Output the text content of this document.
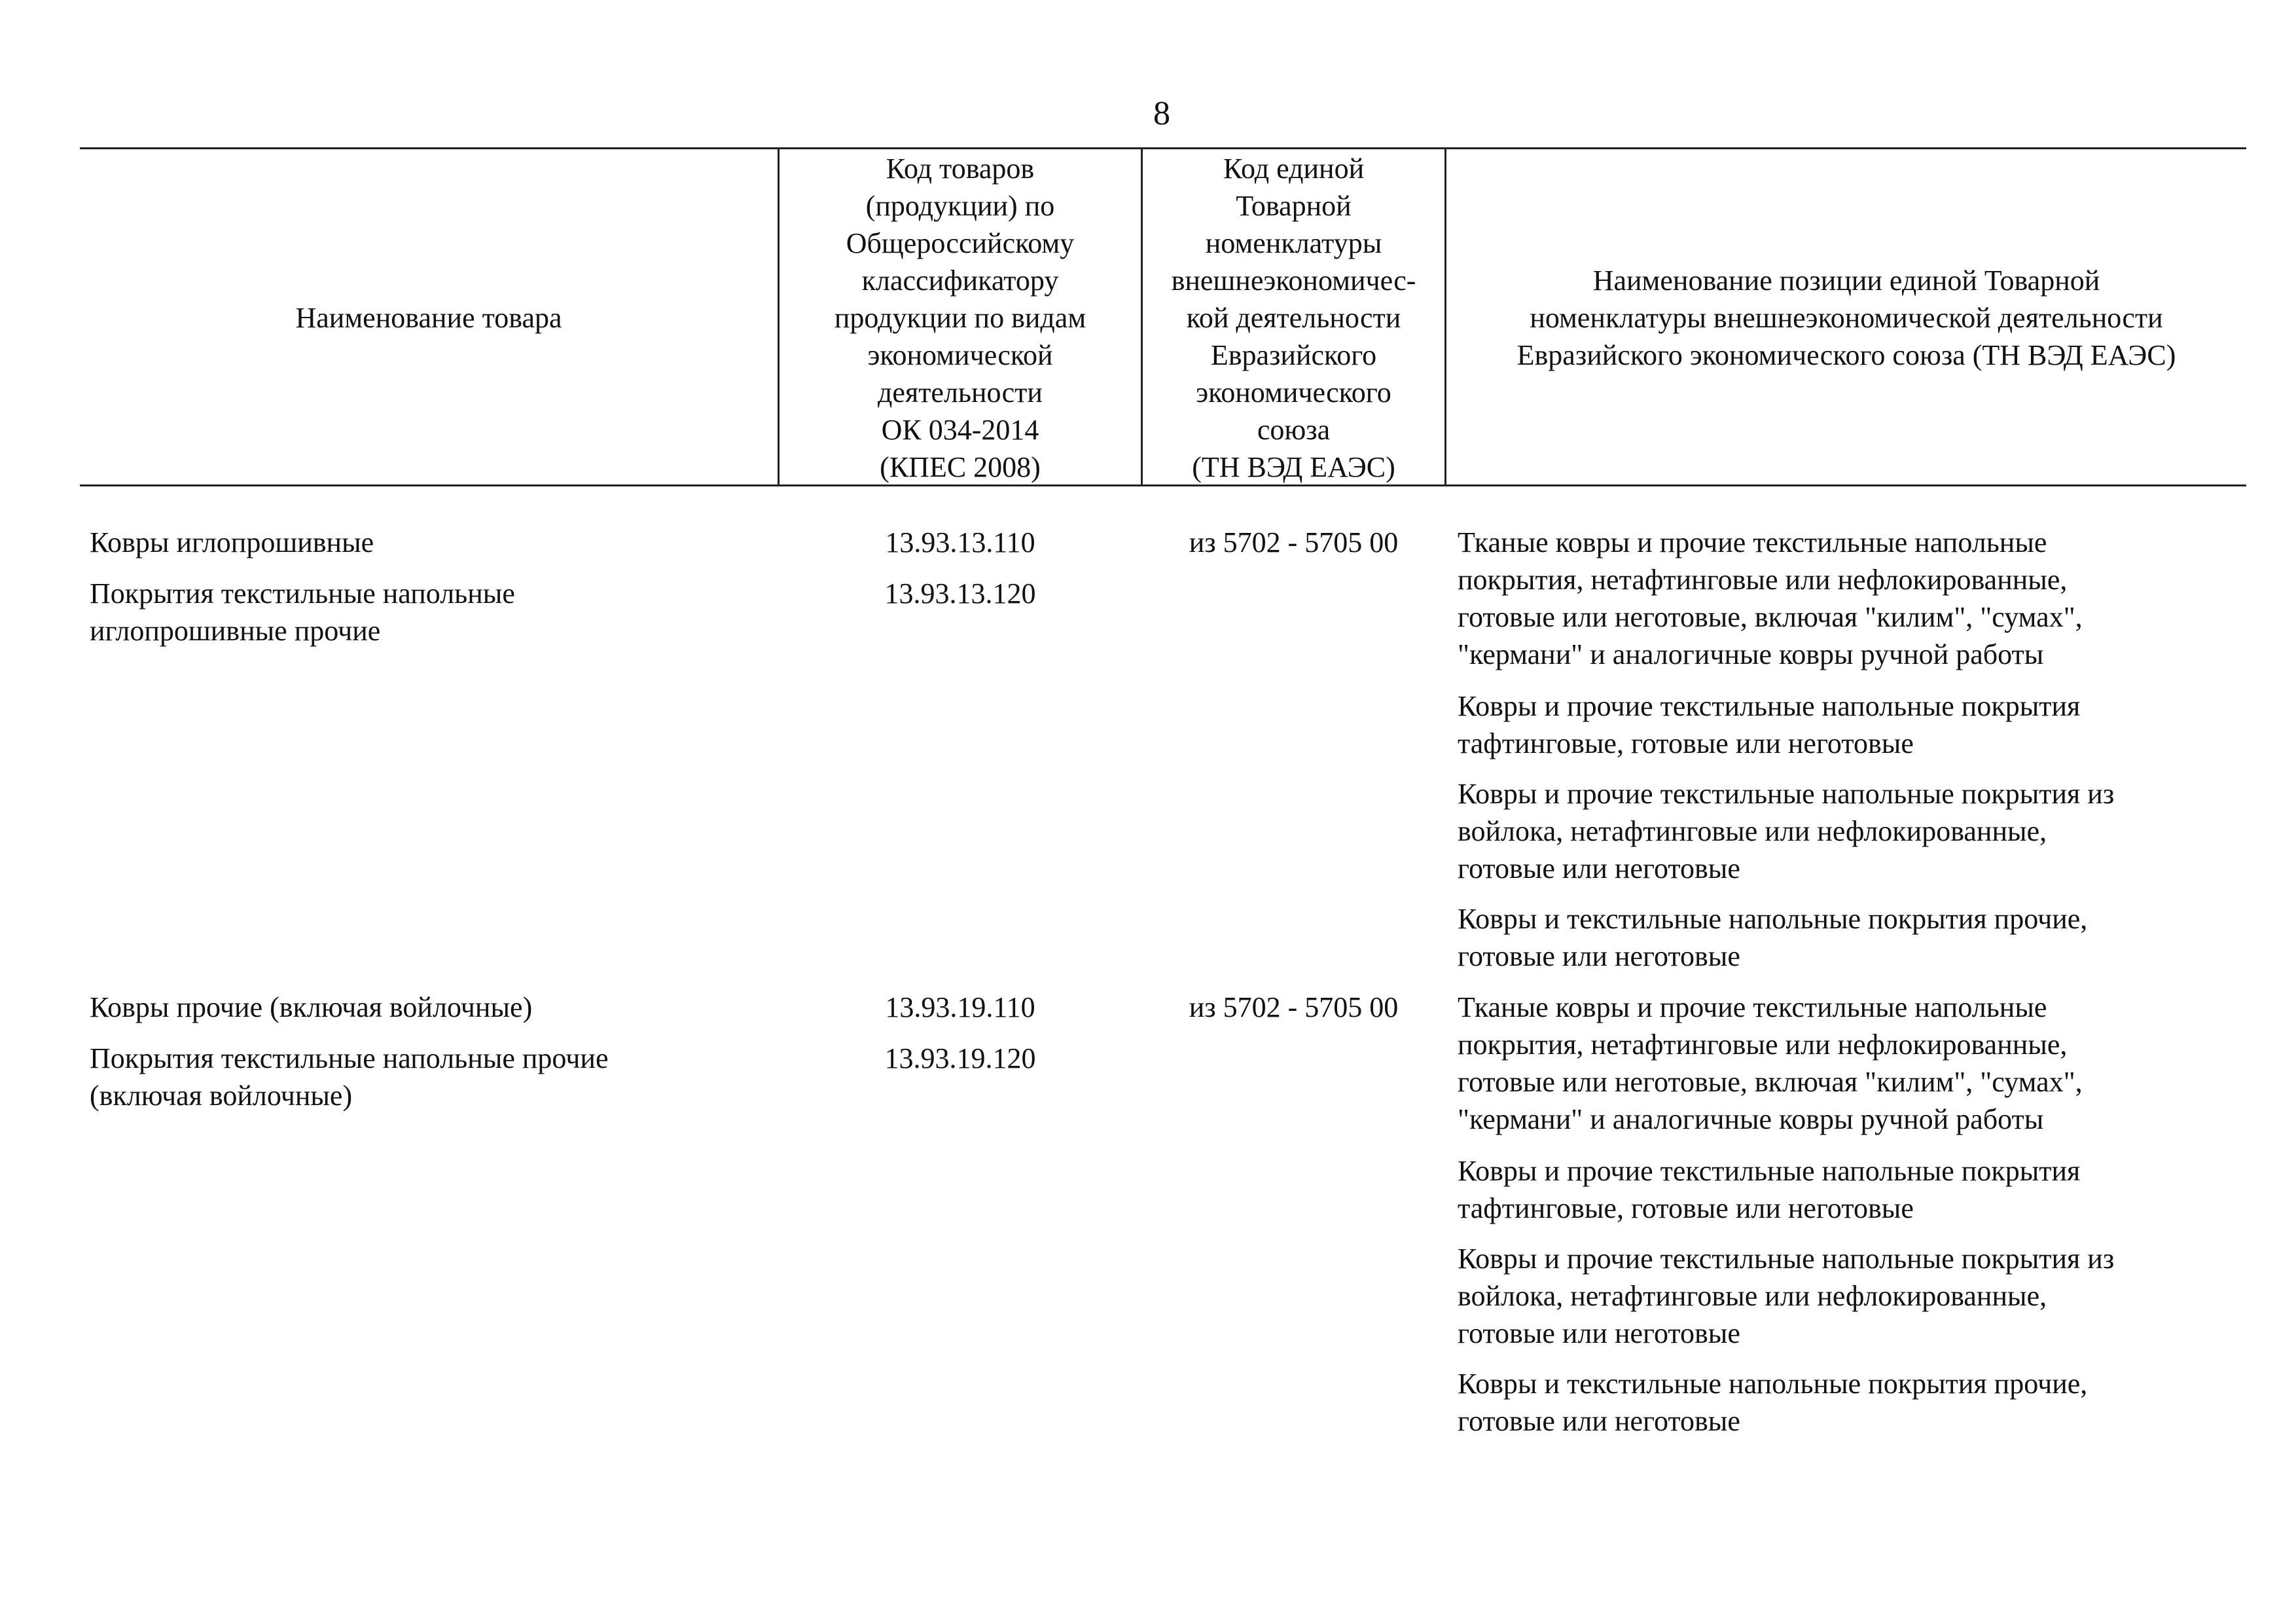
8
Наименование товара
Код товаров
(продукции) по
Общероссийскому
классификатору
продукции по видам
экономической
деятельности
ОК 034-2014
(КПЕС 2008)
Код единой
Товарной
номенклатуры
внешнеэкономичес-
кой деятельности
Евразийского
экономического
союза
(ТН ВЭД ЕАЭС)
Наименование позиции единой Товарной
номенклатуры внешнеэкономической деятельности
Евразийского экономического союза (ТН ВЭД ЕАЭС)
Ковры иглопрошивные
Покрытия текстильные напольные
иглопрошивные прочие
13.93.13.110
13.93.13.120
из 5702 - 5705 00	Тканые ковры и прочие текстильные напольные
покрытия, нетафтинговые или нефлокированные,
готовые или неготовые, включая "килим", "сумах",
"кермани" и аналогичные ковры ручной работы
Ковры и прочие текстильные напольные покрытия
тафтинговые, готовые или неготовые
Ковры и прочие текстильные напольные покрытия из
войлока, нетафтинговые или нефлокированные,
готовые или неготовые
Ковры и текстильные напольные покрытия прочие,
готовые или неготовые
Ковры прочие (включая войлочные)
Покрытия текстильные напольные прочие
(включая войлочные)
13.93.19.110
13.93.19.120
из 5702 - 5705 00	Тканые ковры и прочие текстильные напольные
покрытия, нетафтинговые или нефлокированные,
готовые или неготовые, включая "килим", "сумах",
"кермани" и аналогичные ковры ручной работы
Ковры и прочие текстильные напольные покрытия
тафтинговые, готовые или неготовые
Ковры и прочие текстильные напольные покрытия из
войлока, нетафтинговые или нефлокированные,
готовые или неготовые
Ковры и текстильные напольные покрытия прочие,
готовые или неготовые
